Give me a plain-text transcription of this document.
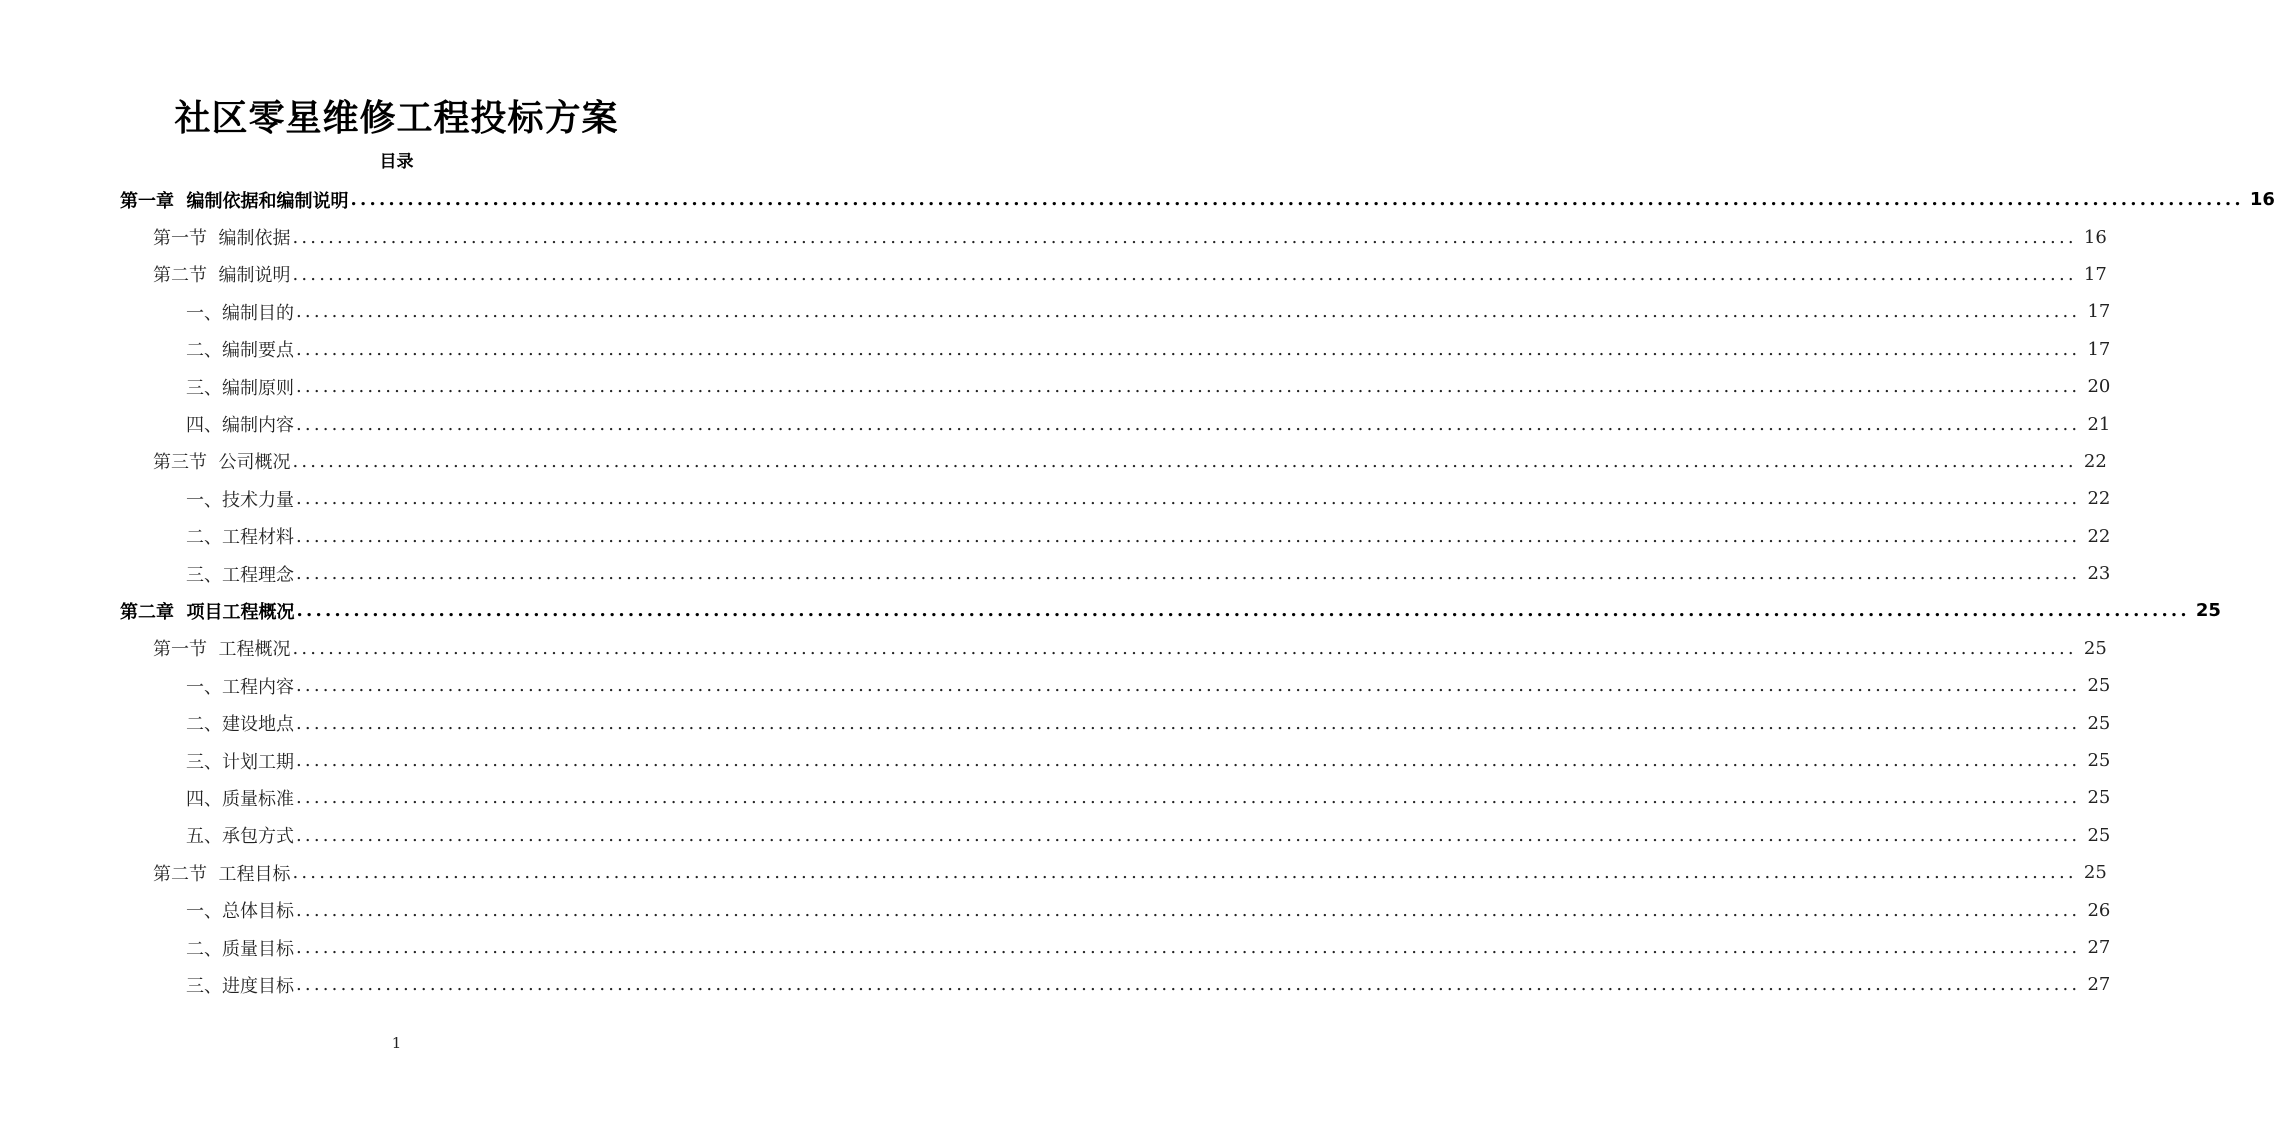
社区零星维修工程投标方案
目录
第一章  编制依据和编制说明 ........................................................................................................................................................................................................ 16
第一节  编制依据 ........................................................................................................................................................................................................ 16
第二节  编制说明 ........................................................................................................................................................................................................ 17
一、编制目的 ........................................................................................................................................................................................................ 17
二、编制要点 ........................................................................................................................................................................................................ 17
三、编制原则 ........................................................................................................................................................................................................ 20
四、编制内容 ........................................................................................................................................................................................................ 21
第三节  公司概况 ........................................................................................................................................................................................................ 22
一、技术力量 ........................................................................................................................................................................................................ 22
二、工程材料 ........................................................................................................................................................................................................ 22
三、工程理念 ........................................................................................................................................................................................................ 23
第二章  项目工程概况 ........................................................................................................................................................................................................ 25
第一节  工程概况 ........................................................................................................................................................................................................ 25
一、工程内容 ........................................................................................................................................................................................................ 25
二、建设地点 ........................................................................................................................................................................................................ 25
三、计划工期 ........................................................................................................................................................................................................ 25
四、质量标准 ........................................................................................................................................................................................................ 25
五、承包方式 ........................................................................................................................................................................................................ 25
第二节  工程目标 ........................................................................................................................................................................................................ 25
一、总体目标 ........................................................................................................................................................................................................ 26
二、质量目标 ........................................................................................................................................................................................................ 27
三、进度目标 ........................................................................................................................................................................................................ 27
1
